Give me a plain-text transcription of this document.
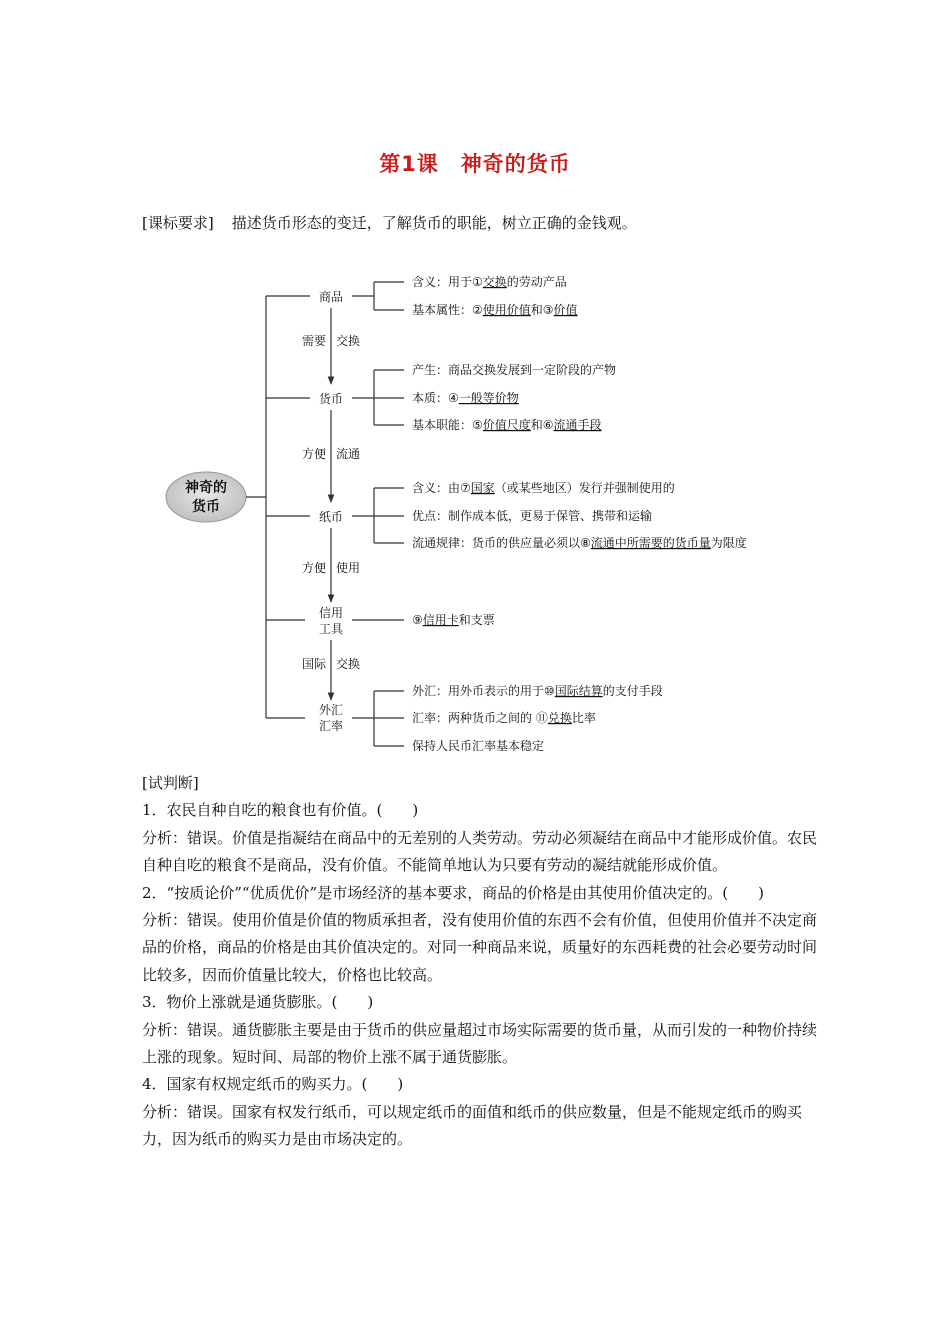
第1课　神奇的货币
[课标要求] 描述货币形态的变迁，了解货币的职能，树立正确的金钱观。
神奇的
货币
商品
货币
纸币
信用
工具
外汇
汇率
需要 交换
方便 流通
方便 使用
国际 交换
含义：用于①交换的劳动产品
基本属性：②使用价值和③价值
产生：商品交换发展到一定阶段的产物
本质：④一般等价物
基本职能：⑤价值尺度和⑥流通手段
含义：由⑦国家（或某些地区）发行并强制使用的
优点：制作成本低，更易于保管、携带和运输
流通规律：货币的供应量必须以⑧流通中所需要的货币量为限度
⑨信用卡和支票
外汇：用外币表示的用于⑩国际结算的支付手段
汇率：两种货币之间的 ⑪兑换比率
保持人民币汇率基本稳定

[试判断]

1．农民自种自吃的粮食也有价值。(　　)

分析：错误。价值是指凝结在商品中的无差别的人类劳动。劳动必须凝结在商品中才能形成价值。农民自种自吃的粮食不是商品，没有价值。不能简单地认为只要有劳动的凝结就能形成价值。

2．“按质论价”“优质优价”是市场经济的基本要求，商品的价格是由其使用价值决定的。(　　)

分析：错误。使用价值是价值的物质承担者，没有使用价值的东西不会有价值，但使用价值并不决定商品的价格，商品的价格是由其价值决定的。对同一种商品来说，质量好的东西耗费的社会必要劳动时间比较多，因而价值量比较大，价格也比较高。

3．物价上涨就是通货膨胀。(　　)

分析：错误。通货膨胀主要是由于货币的供应量超过市场实际需要的货币量，从而引发的一种物价持续上涨的现象。短时间、局部的物价上涨不属于通货膨胀。

4．国家有权规定纸币的购买力。(　　)

分析：错误。国家有权发行纸币，可以规定纸币的面值和纸币的供应数量，但是不能规定纸币的购买力，因为纸币的购买力是由市场决定的。
